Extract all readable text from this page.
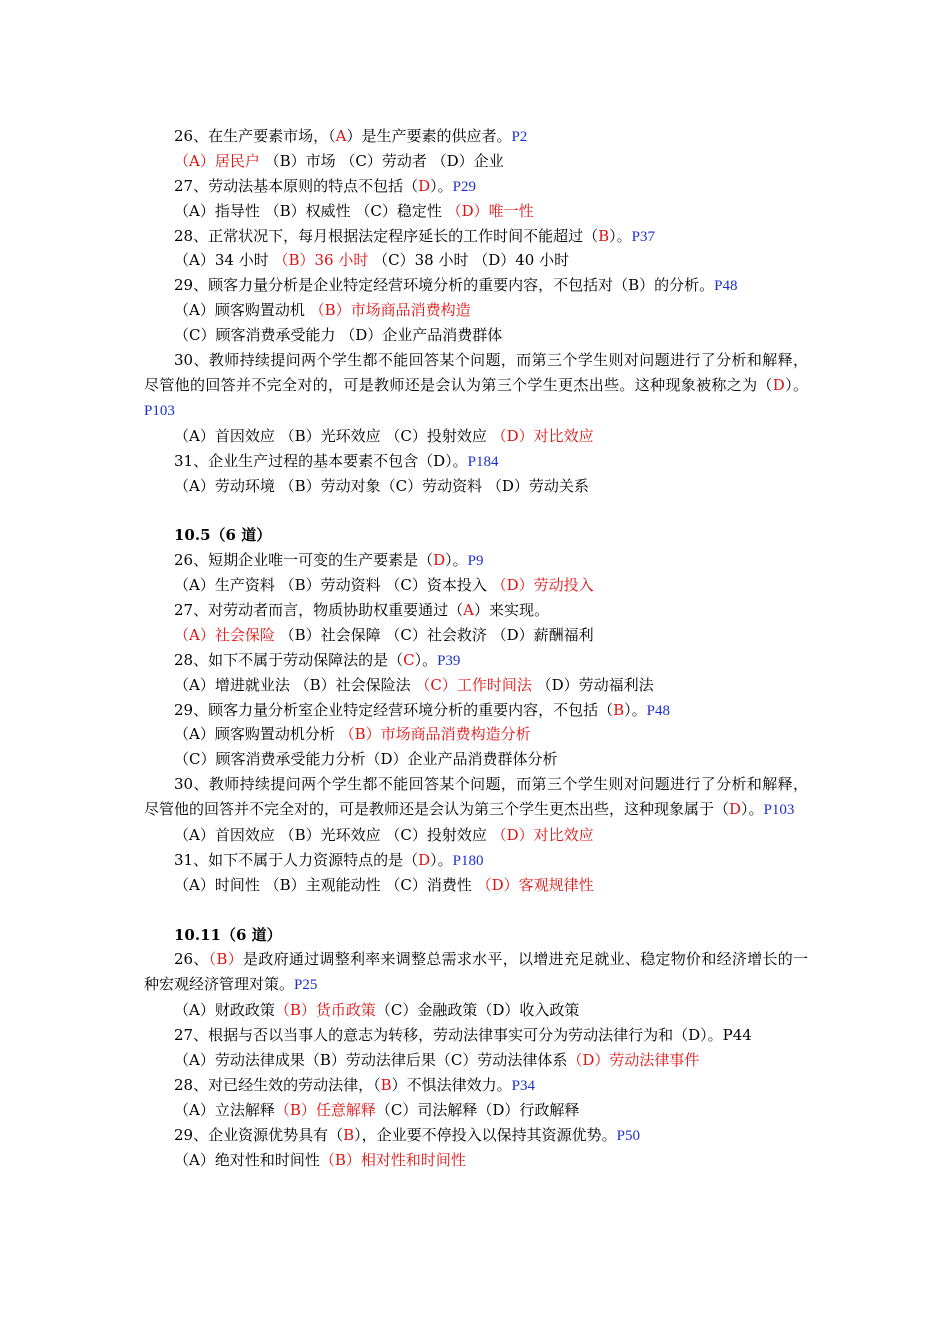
26、在生产要素市场，（A）是生产要素的供应者。P2
（A）居民户 （B）市场 （C）劳动者 （D）企业
27、劳动法基本原则的特点不包括（D）。P29
（A）指导性 （B）权威性 （C）稳定性 （D）唯一性
28、正常状况下，每月根据法定程序延长的工作时间不能超过（B）。P37
（A）34 小时 （B）36 小时 （C）38 小时 （D）40 小时
29、顾客力量分析是企业特定经营环境分析的重要内容，不包括对（B）的分析。P48
（A）顾客购置动机 （B）市场商品消费构造
（C）顾客消费承受能力 （D）企业产品消费群体
30、教师持续提问两个学生都不能回答某个问题，而第三个学生则对问题进行了分析和解释，尽管他的回答并不完全对的，可是教师还是会认为第三个学生更杰出些。这种现象被称之为（D）。P103
（A）首因效应 （B）光环效应 （C）投射效应 （D）对比效应
31、企业生产过程的基本要素不包含（D）。P184
（A）劳动环境 （B）劳动对象（C）劳动资料 （D）劳动关系
10.5（6 道）
26、短期企业唯一可变的生产要素是（D）。P9
（A）生产资料 （B）劳动资料 （C）资本投入 （D）劳动投入
27、对劳动者而言，物质协助权重要通过（A）来实现。
（A）社会保险 （B）社会保障 （C）社会救济 （D）薪酬福利
28、如下不属于劳动保障法的是（C）。P39
（A）增进就业法 （B）社会保险法 （C）工作时间法 （D）劳动福利法
29、顾客力量分析室企业特定经营环境分析的重要内容，不包括（B）。P48
（A）顾客购置动机分析 （B）市场商品消费构造分析
（C）顾客消费承受能力分析（D）企业产品消费群体分析
30、教师持续提问两个学生都不能回答某个问题，而第三个学生则对问题进行了分析和解释，尽管他的回答并不完全对的，可是教师还是会认为第三个学生更杰出些，这种现象属于（D）。P103
（A）首因效应 （B）光环效应 （C）投射效应 （D）对比效应
31、如下不属于人力资源特点的是（D）。P180
（A）时间性 （B）主观能动性 （C）消费性 （D）客观规律性
10.11（6 道）
26、（B）是政府通过调整利率来调整总需求水平，以增进充足就业、稳定物价和经济增长的一种宏观经济管理对策。P25
（A）财政政策（B）货币政策（C）金融政策（D）收入政策
27、根据与否以当事人的意志为转移，劳动法律事实可分为劳动法律行为和（D）。P44
（A）劳动法律成果（B）劳动法律后果（C）劳动法律体系（D）劳动法律事件
28、对已经生效的劳动法律，（B）不惧法律效力。P34
（A）立法解释（B）任意解释（C）司法解释（D）行政解释
29、企业资源优势具有（B），企业要不停投入以保持其资源优势。P50
（A）绝对性和时间性（B）相对性和时间性
